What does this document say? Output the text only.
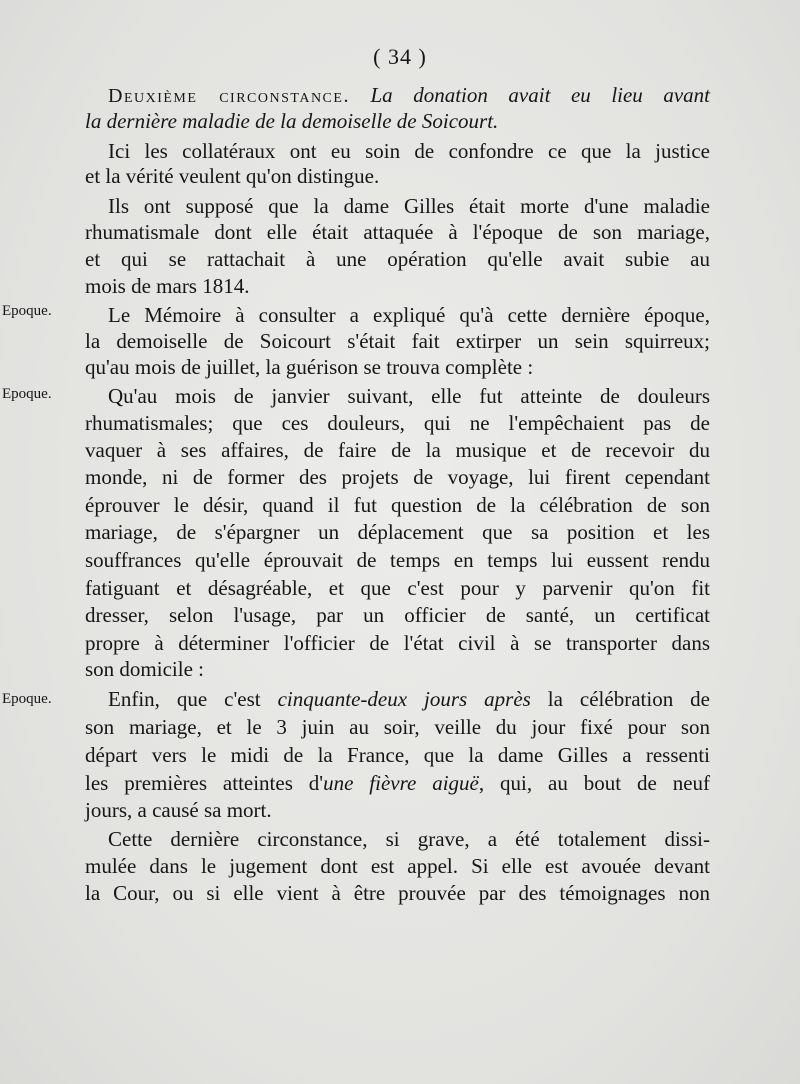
( 34 )
Epoque.
Epoque.
Epoque.
Deuxième circonstance. La donation avait eu lieu avant
la dernière maladie de la demoiselle de Soicourt.
Ici les collatéraux ont eu soin de confondre ce que la justice
et la vérité veulent qu'on distingue.
Ils ont supposé que la dame Gilles était morte d'une maladie
rhumatismale dont elle était attaquée à l'époque de son mariage,
et qui se rattachait à une opération qu'elle avait subie au
mois de mars 1814.
Le Mémoire à consulter a expliqué qu'à cette dernière époque,
la demoiselle de Soicourt s'était fait extirper un sein squirreux;
qu'au mois de juillet, la guérison se trouva complète :
Qu'au mois de janvier suivant, elle fut atteinte de douleurs
rhumatismales; que ces douleurs, qui ne l'empêchaient pas de
vaquer à ses affaires, de faire de la musique et de recevoir du
monde, ni de former des projets de voyage, lui firent cependant
éprouver le désir, quand il fut question de la célébration de son
mariage, de s'épargner un déplacement que sa position et les
souffrances qu'elle éprouvait de temps en temps lui eussent rendu
fatiguant et désagréable, et que c'est pour y parvenir qu'on fit
dresser, selon l'usage, par un officier de santé, un certificat
propre à déterminer l'officier de l'état civil à se transporter dans
son domicile :
Enfin, que c'est cinquante-deux jours après la célébration de
son mariage, et le 3 juin au soir, veille du jour fixé pour son
départ vers le midi de la France, que la dame Gilles a ressenti
les premières atteintes d'une fièvre aiguë, qui, au bout de neuf
jours, a causé sa mort.
Cette dernière circonstance, si grave, a été totalement dissi-
mulée dans le jugement dont est appel. Si elle est avouée devant
la Cour, ou si elle vient à être prouvée par des témoignages non
